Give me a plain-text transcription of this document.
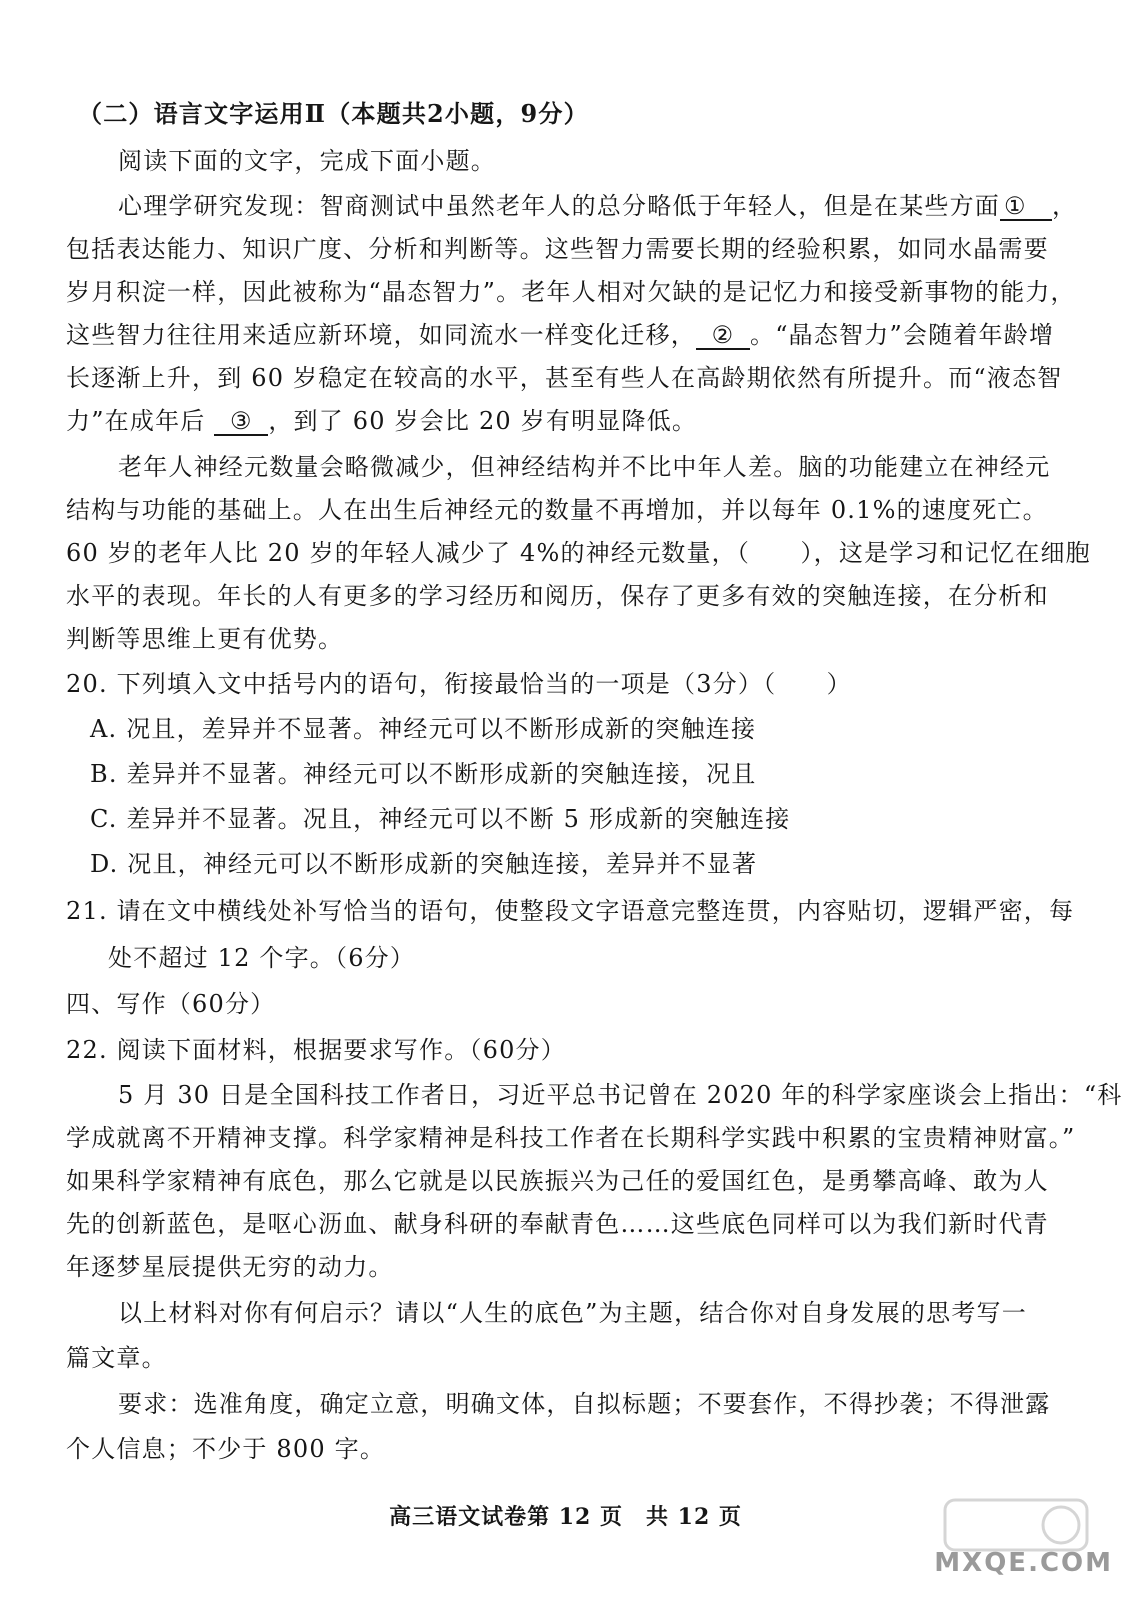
（二）语言文字运用Ⅱ（本题共2小题，9分）
阅读下面的文字，完成下面小题。
心理学研究发现：智商测试中虽然老年人的总分略低于年轻人，但是在某些方面 ① ，
包括表达能力、知识广度、分析和判断等。这些智力需要长期的经验积累，如同水晶需要
岁月积淀一样，因此被称为“晶态智力”。老年人相对欠缺的是记忆力和接受新事物的能力，
这些智力往往用来适应新环境，如同流水一样变化迁移， ② 。“晶态智力”会随着年龄增
长逐渐上升，到 60 岁稳定在较高的水平，甚至有些人在高龄期依然有所提升。而“液态智
力”在成年后 ③ ，到了 60 岁会比 20 岁有明显降低。
老年人神经元数量会略微减少，但神经结构并不比中年人差。脑的功能建立在神经元
结构与功能的基础上。人在出生后神经元的数量不再增加，并以每年 0.1%的速度死亡。
60 岁的老年人比 20 岁的年轻人减少了 4%的神经元数量，（　　），这是学习和记忆在细胞
水平的表现。年长的人有更多的学习经历和阅历，保存了更多有效的突触连接，在分析和
判断等思维上更有优势。
20. 下列填入文中括号内的语句，衔接最恰当的一项是（3分）（　　）
A. 况且，差异并不显著。神经元可以不断形成新的突触连接
B. 差异并不显著。神经元可以不断形成新的突触连接，况且
C. 差异并不显著。况且，神经元可以不断 5 形成新的突触连接
D. 况且，神经元可以不断形成新的突触连接，差异并不显著
21. 请在文中横线处补写恰当的语句，使整段文字语意完整连贯，内容贴切，逻辑严密，每
处不超过 12 个字。（6分）
四、写作（60分）
22. 阅读下面材料，根据要求写作。（60分）
5 月 30 日是全国科技工作者日，习近平总书记曾在 2020 年的科学家座谈会上指出：“科
学成就离不开精神支撑。科学家精神是科技工作者在长期科学实践中积累的宝贵精神财富。”
如果科学家精神有底色，那么它就是以民族振兴为己任的爱国红色，是勇攀高峰、敢为人
先的创新蓝色，是呕心沥血、献身科研的奉献青色……这些底色同样可以为我们新时代青
年逐梦星辰提供无穷的动力。
以上材料对你有何启示？请以“人生的底色”为主题，结合你对自身发展的思考写一
篇文章。
要求：选准角度，确定立意，明确文体，自拟标题；不要套作，不得抄袭；不得泄露
个人信息；不少于 800 字。
高三语文试卷第 12 页　共 12 页
MXQE.COM
